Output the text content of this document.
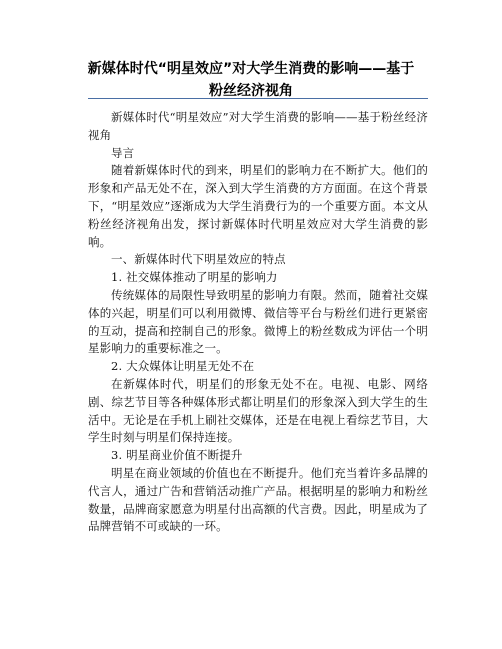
新媒体时代“明星效应”对大学生消费的影响——基于
粉丝经济视角

新媒体时代“明星效应”对大学生消费的影响——基于粉丝经济视角

导言

随着新媒体时代的到来，明星们的影响力在不断扩大。他们的形象和产品无处不在，深入到大学生消费的方方面面。在这个背景下，“明星效应”逐渐成为大学生消费行为的一个重要方面。本文从粉丝经济视角出发，探讨新媒体时代明星效应对大学生消费的影响。

一、新媒体时代下明星效应的特点

1. 社交媒体推动了明星的影响力

传统媒体的局限性导致明星的影响力有限。然而，随着社交媒体的兴起，明星们可以利用微博、微信等平台与粉丝们进行更紧密的互动，提高和控制自己的形象。微博上的粉丝数成为评估一个明星影响力的重要标准之一。

2. 大众媒体让明星无处不在

在新媒体时代，明星们的形象无处不在。电视、电影、网络剧、综艺节目等各种媒体形式都让明星们的形象深入到大学生的生活中。无论是在手机上刷社交媒体，还是在电视上看综艺节目，大学生时刻与明星们保持连接。

3. 明星商业价值不断提升

明星在商业领域的价值也在不断提升。他们充当着许多品牌的代言人，通过广告和营销活动推广产品。根据明星的影响力和粉丝数量，品牌商家愿意为明星付出高额的代言费。因此，明星成为了品牌营销不可或缺的一环。
